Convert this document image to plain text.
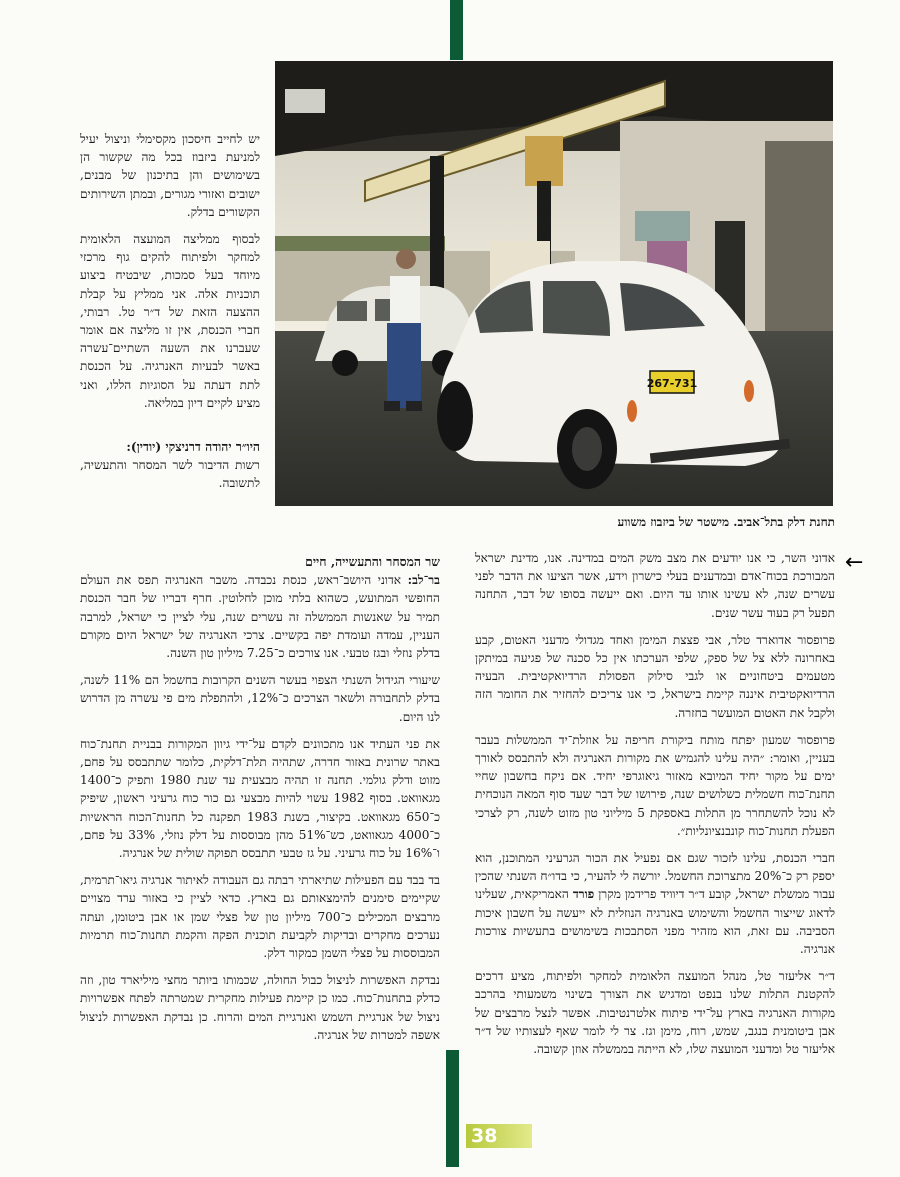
יש לחייב חיסכון מקסימלי וניצול יעיל למניעת ביזבוז בכל מה שקשור הן בשימושים והן בתיכנון של מבנים, ישובים ואזורי מגורים, ובמתן השירותים הקשורים בדלק.

לבסוף ממליצה המועצה הלאומית למחקר ולפיתוח להקים גוף מרכזי מיוחד בעל סמכות, שיבטיח ביצוע תוכניות אלה. אני ממליץ על קבלת ההצעה הזאת של ד״ר טל. רבותי, חברי הכנסת, אין זו מליצה אם אומר שעברנו את השעה השתיים־עשרה באשר לבעיות האנרגיה. על הכנסת לתת דעתה על הסוגיות הללו, ואני מציע לקיים דיון במליאה.

היו״ר יהודה דרניצקי (יודין):

רשות הדיבור לשר המסחר והתעשיה, לתשובה.

267-731
תחנת דלק בתל־אביב. מישטר של ביזבוז משווע
←

אדוני השר, כי אנו יודעים את מצב משק המים במדינה. אנו, מדינת ישראל המבורכת בכוח־אדם ובמדענים בעלי כישרון וידע, אשר הציעו את הדבר לפני עשרים שנה, לא עשינו אותו עד היום. ואם ייעשה בסופו של דבר, התחנה תפעל רק בעוד עשר שנים.

פרופסור אדוארד טלר, אבי פצצת המימן ואחד מגדולי מדעני האטום, קבע באחרונה ללא צל של ספק, שלפי הערכתו אין כל סכנה של פגיעה במיתקן מטעמים ביטחוניים או לגבי סילוק הפסולת הרדיואקטיבית. הבעיה הרדיואקטיבית איננה קיימת בישראל, כי אנו צריכים להחזיר את החומר הזה ולקבל את האטום המועשר בחזרה.

פרופסור שמעון יפתח מותח ביקורת חריפה על אוזלת־יד הממשלות בעבר בעניין, ואומר: ״היה עלינו להגמיש את מקורות האנרגיה ולא להתבסס לאורך ימים על מקור יחיד המיובא מאזור גיאוגרפי יחיד. אם ניקח בחשבון שחיי תחנת־כוח חשמלית כשלושים שנה, פירושו של דבר שעד סוף המאה הנוכחית לא נוכל להשתחרר מן התלות באספקת 5 מיליוני טון מזוט לשנה, רק לצרכי הפעלת תחנות־כוח קונבנציונליות״.

חברי הכנסת, עלינו לזכור שגם אם נפעיל את הכור הגרעיני המתוכנן, הוא יספק רק כ־20% מתצרוכת החשמל. יורשה לי להעיר, כי בדו״ח השנתי שהכין עבור ממשלת ישראל, קובע ד״ר דיוויד פרידמן מקרן פורד האמריקאית, שעלינו לדאוג שייצור החשמל והשימוש באנרגיה הנוזלית לא ייעשה על חשבון איכות הסביבה. עם זאת, הוא מזהיר מפני הסתבכות בשימושים בתעשיות צורכות אנרגיה.

ד״ר אליעזר טל, מנהל המועצה הלאומית למחקר ולפיתוח, מציע דרכים להקטנת התלות שלנו בנפט ומדגיש את הצורך בשינוי משמעותי בהרכב מקורות האנרגיה בארץ על־ידי פיתוח אלטרנטיבות. אפשר לנצל מרבצים של אבן ביטומנית בנגב, שמש, רוח, מימן וגז. צר לי לומר שאף לעצותיו של ד״ר אליעזר טל ומדעני המועצה שלו, לא הייתה בממשלה אוזן קשובה.

שר המסחר והתעשייה, חיים

בר־לב: אדוני היושב־ראש, כנסת נכבדה. משבר האנרגיה תפס את העולם החופשי המתועש, כשהוא בלתי מוכן לחלוטין. חרף דבריו של חבר הכנסת תמיר על שאנשות הממשלה זה עשרים שנה, עלי לציין כי ישראל, למרבה העניין, עמדה ועומדת יפה בקשיים. צרכי האנרגיה של ישראל היום מקורם בדלק נוזלי ובגז טבעי. אנו צורכים כ־7.25 מיליון טון השנה.

שיעורי הגידול השנתי הצפוי בעשר השנים הקרובות בחשמל הם 11% לשנה, בדלק לתחבורה ולשאר הצרכים כ־12%, ולהתפלת מים פי עשרה מן הדרוש לנו היום.

את פני העתיד אנו מתכוונים לקדם על־ידי גיוון המקורות בבניית תחנת־כוח באתר שרונית באזור חדרה, שתהיה תלת־דלקית, כלומר שתתבסס על פחם, מזוט ודלק גולמי. תחנה זו תהיה מבצעית עד שנת 1980 ותפיק כ־1400 מגאוואט. בסוף 1982 עשוי להיות מבצעי גם כור כוח גרעיני ראשון, שיפיק כ־650 מגאוואט. בקיצור, בשנת 1983 תפקנה כל תחנות־הכוח הראשיות כ־4000 מגאוואט, כש־51% מהן מבוססות על דלק נוזלי, 33% על פחם, ו־16% על כוח גרעיני. על גז טבעי תתבסס תפוקה שולית של אנרגיה.

בד בבד עם הפעילות שתיארתי רבתה גם העבודה לאיתור אנרגיה גיאו־תרמית, שקיימים סימנים להימצאותם גם בארץ. כדאי לציין כי באזור ערד מצויים מרבצים המכילים כ־700 מיליון טון של פצלי שמן או אבן ביטומן, ועתה נערכים מחקרים ובדיקות לקביעת תוכנית הפקה והקמת תחנות־כוח תרמיות המבוססות על פצלי השמן כמקור דלק.

נבדקת האפשרות לניצול כבול החולה, שכמותו ביותר מחצי מיליארד טון, וזה כדלק בתחנות־כוח. כמו כן קיימת פעילות מחקרית שמטרתה לפתח אפשרויות ניצול של אנרגיית השמש ואנרגיית המים והרוח. כן נבדקת האפשרות לניצול אשפה למטרות של אנרגיה.

38
